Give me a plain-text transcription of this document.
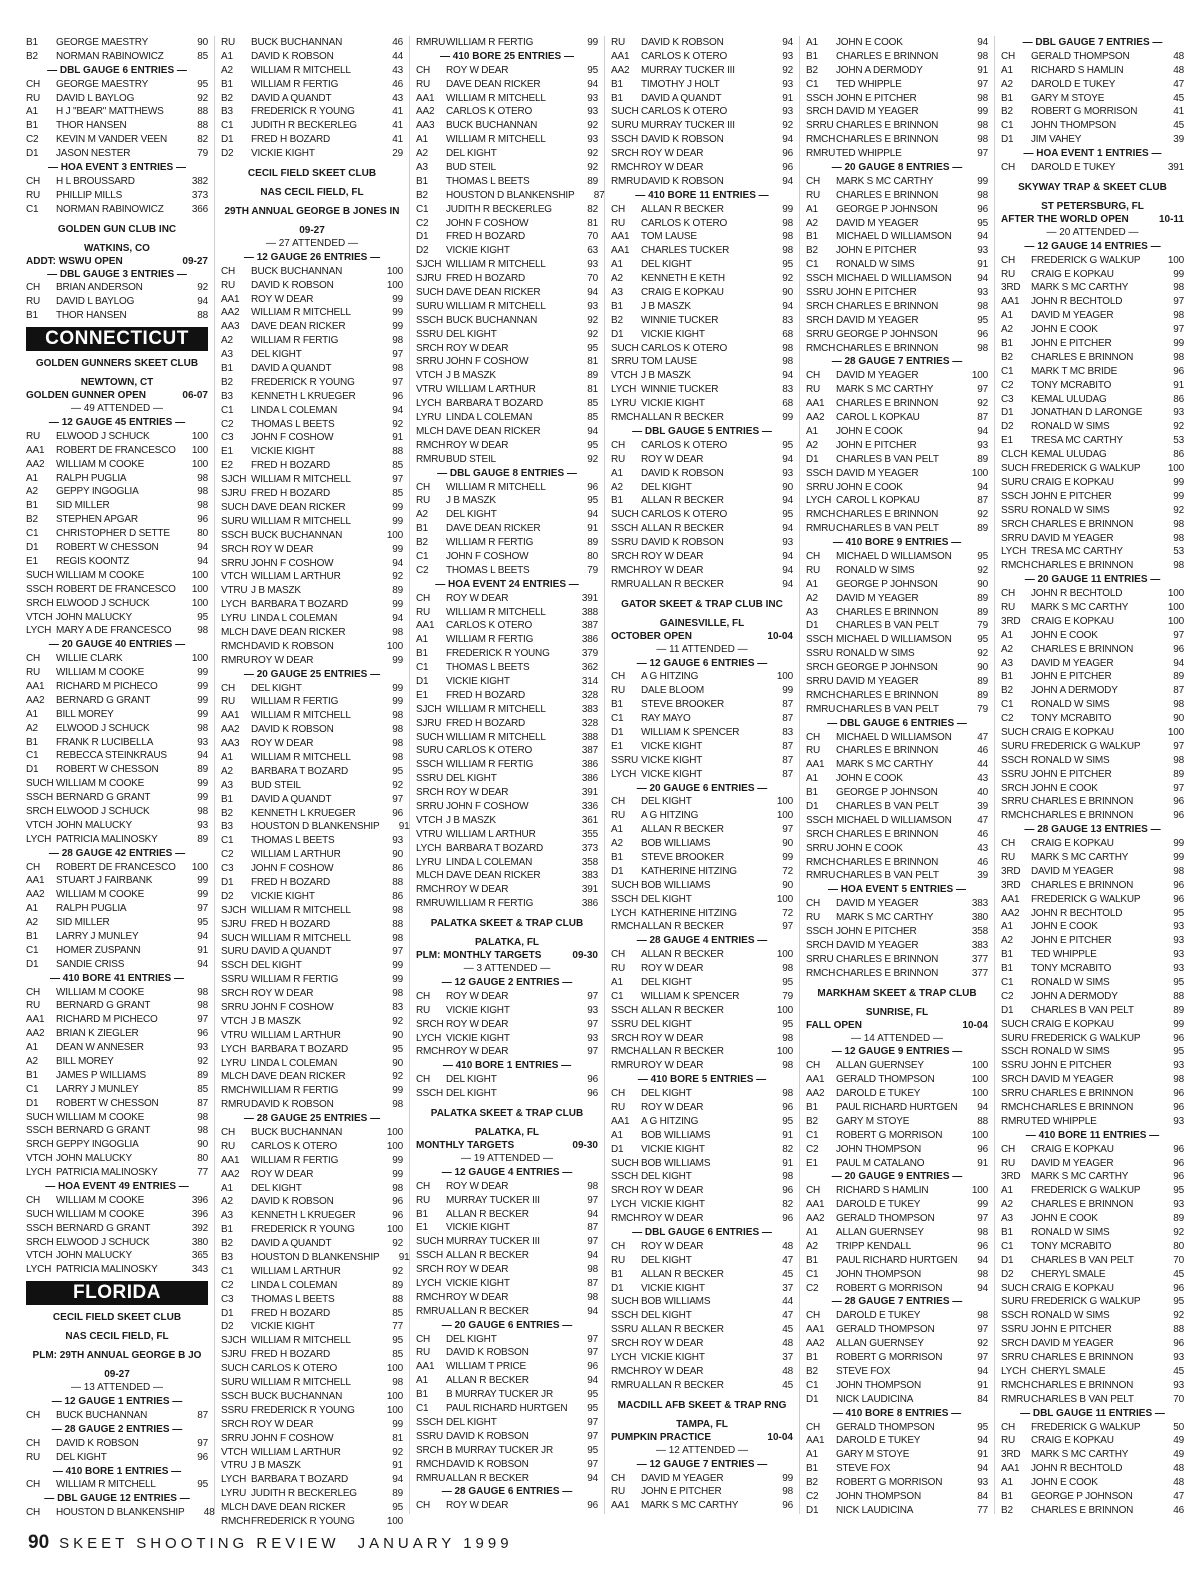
B1	GEORGE MAESTRY	90
B2	NORMAN RABINOWICZ	85
— DBL GAUGE 6 ENTRIES —
CH	GEORGE MAESTRY	95
RU	DAVID L BAYLOG	92
A1	H J "BEAR" MATTHEWS	88
B1	THOR HANSEN	88
C2	KEVIN M VANDER VEEN	82
D1	JASON NESTER	79
— HOA EVENT 3 ENTRIES —
CH	H L BROUSSARD	382
RU	PHILLIP MILLS	373
C1	NORMAN RABINOWICZ	366
GOLDEN GUN CLUB INC
WATKINS, CO
ADDT: WSWU OPEN	09-27
— DBL GAUGE 3 ENTRIES —
CH	BRIAN ANDERSON	92
RU	DAVID L BAYLOG	94
B1	THOR HANSEN	88
CONNECTICUT
GOLDEN GUNNERS SKEET CLUB
NEWTOWN, CT
GOLDEN GUNNER OPEN	06-07
— 49 ATTENDED —
— 12 GAUGE 45 ENTRIES —
RU	ELWOOD J SCHUCK	100
AA1	ROBERT DE FRANCESCO	100
AA2	WILLIAM M COOKE	100
A1	RALPH PUGLIA	98
A2	GEPPY INGOGLIA	98
B1	SID MILLER	98
B2	STEPHEN APGAR	96
C1	CHRISTOPHER D SETTE	80
D1	ROBERT W CHESSON	94
E1	REGIS KOONTZ	94
SUCH WILLIAM M COOKE	100
SSCH ROBERT DE FRANCESCO	100
SRCH ELWOOD J SCHUCK	100
VTCH JOHN MALUCKY	95
LYCH MARY A DE FRANCESCO	98
— 20 GAUGE 40 ENTRIES —
CH	WILLIE CLARK	100
RU	WILLIAM M COOKE	99
AA1	RICHARD M PICHECO	99
AA2	BERNARD G GRANT	99
A1	BILL MOREY	99
A2	ELWOOD J SCHUCK	98
B1	FRANK R LUCIBELLA	93
C1	REBECCA STEINKRAUS	94
D1	ROBERT W CHESSON	89
SUCH WILLIAM M COOKE	99
SSCH BERNARD G GRANT	99
SRCH ELWOOD J SCHUCK	98
VTCH JOHN MALUCKY	93
LYCH PATRICIA MALINOSKY	89
— 28 GAUGE 42 ENTRIES —
CH	ROBERT DE FRANCESCO	100
AA1	STUART J FAIRBANK	99
AA2	WILLIAM M COOKE	99
A1	RALPH PUGLIA	97
A2	SID MILLER	95
B1	LARRY J MUNLEY	94
C1	HOMER ZUSPANN	91
D1	SANDIE CRISS	94
— 410 BORE 41 ENTRIES —
CH	WILLIAM M COOKE	98
RU	BERNARD G GRANT	98
AA1	RICHARD M PICHECO	97
AA2	BRIAN K ZIEGLER	96
A1	DEAN W ANNESER	93
A2	BILL MOREY	92
B1	JAMES P WILLIAMS	89
C1	LARRY J MUNLEY	85
D1	ROBERT W CHESSON	87
SUCH WILLIAM M COOKE	98
SSCH BERNARD G GRANT	98
SRCH GEPPY INGOGLIA	90
VTCH JOHN MALUCKY	80
LYCH PATRICIA MALINOSKY	77
— HOA EVENT 49 ENTRIES —
CH	WILLIAM M COOKE	396
SUCH WILLIAM M COOKE	396
SSCH BERNARD G GRANT	392
SRCH ELWOOD J SCHUCK	380
VTCH JOHN MALUCKY	365
LYCH PATRICIA MALINOSKY	343
FLORIDA
CECIL FIELD SKEET CLUB
NAS CECIL FIELD, FL
PLM: 29TH ANNUAL GEORGE B JO
09-27
— 13 ATTENDED —
— 12 GAUGE 1 ENTRIES —
CH	BUCK BUCHANNAN	87
— 28 GAUGE 2 ENTRIES —
CH	DAVID K ROBSON	97
RU	DEL KIGHT	96
— 410 BORE 1 ENTRIES —
CH	WILLIAM R MITCHELL	95
— DBL GAUGE 12 ENTRIES —
CH	HOUSTON D BLANKENSHIP	48
RU	BUCK BUCHANNAN	46
A1	DAVID K ROBSON	44
A2	WILLIAM R MITCHELL	43
B1	WILLIAM R FERTIG	46
B2	DAVID A QUANDT	43
B3	FREDERICK R YOUNG	41
C1	JUDITH R BECKERLEG	41
D1	FRED H BOZARD	41
D2	VICKIE KIGHT	29
CECIL FIELD SKEET CLUB
NAS CECIL FIELD, FL
29TH ANNUAL GEORGE B JONES IN
09-27
— 27 ATTENDED —
— 12 GAUGE 26 ENTRIES —
CH	BUCK BUCHANNAN	100
RU	DAVID K ROBSON	100
AA1	ROY W DEAR	99
AA2	WILLIAM R MITCHELL	99
AA3	DAVE DEAN RICKER	99
A2	WILLIAM R FERTIG	98
A3	DEL KIGHT	97
B1	DAVID A QUANDT	98
B2	FREDERICK R YOUNG	97
B3	KENNETH L KRUEGER	96
C1	LINDA L COLEMAN	94
C2	THOMAS L BEETS	92
C3	JOHN F COSHOW	91
E1	VICKIE KIGHT	88
E2	FRED H BOZARD	85
SJCH WILLIAM R MITCHELL	97
SJRU FRED H BOZARD	85
SUCH DAVE DEAN RICKER	99
SURU WILLIAM R MITCHELL	99
SSCH BUCK BUCHANNAN	100
SRCH ROY W DEAR	99
SRRU JOHN F COSHOW	94
VTCH WILLIAM L ARTHUR	92
VTRU J B MASZK	89
LYCH BARBARA T BOZARD	99
LYRU LINDA L COLEMAN	94
MLCH DAVE DEAN RICKER	98
RMCH DAVID K ROBSON	100
RMRU ROY W DEAR	99
— 20 GAUGE 25 ENTRIES —
CH	DEL KIGHT	99
RU	WILLIAM R FERTIG	99
AA1	WILLIAM R MITCHELL	98
AA2	DAVID K ROBSON	98
AA3	ROY W DEAR	98
A1	WILLIAM R MITCHELL	98
A2	BARBARA T BOZARD	95
A3	BUD STEIL	92
B1	DAVID A QUANDT	97
B2	KENNETH L KRUEGER	96
B3	HOUSTON D BLANKENSHIP	91
C1	THOMAS L BEETS	93
C2	WILLIAM L ARTHUR	90
C3	JOHN F COSHOW	86
D1	FRED H BOZARD	88
D2	VICKIE KIGHT	86
SJCH WILLIAM R MITCHELL	98
SJRU FRED H BOZARD	88
SUCH WILLIAM R MITCHELL	98
SURU DAVID A QUANDT	97
SSCH DEL KIGHT	99
SSRU WILLIAM R FERTIG	99
SRCH ROY W DEAR	98
SRRU JOHN F COSHOW	83
VTCH J B MASZK	92
VTRU WILLIAM L ARTHUR	90
LYCH BARBARA T BOZARD	95
LYRU LINDA L COLEMAN	90
MLCH DAVE DEAN RICKER	92
RMCH WILLIAM R FERTIG	99
RMRU DAVID K ROBSON	98
— 28 GAUGE 25 ENTRIES —
CH	BUCK BUCHANNAN	100
RU	CARLOS K OTERO	100
AA1	WILLIAM R FERTIG	99
AA2	ROY W DEAR	99
A1	DEL KIGHT	98
A2	DAVID K ROBSON	96
A3	KENNETH L KRUEGER	96
B1	FREDERICK R YOUNG	100
B2	DAVID A QUANDT	92
B3	HOUSTON D BLANKENSHIP	91
C1	WILLIAM L ARTHUR	92
C2	LINDA L COLEMAN	89
C3	THOMAS L BEETS	88
D1	FRED H BOZARD	85
D2	VICKIE KIGHT	77
SJCH WILLIAM R MITCHELL	95
SJRU FRED H BOZARD	85
SUCH CARLOS K OTERO	100
SURU WILLIAM R MITCHELL	98
SSCH BUCK BUCHANNAN	100
SSRU FREDERICK R YOUNG	100
SRCH ROY W DEAR	99
SRRU JOHN F COSHOW	81
VTCH WILLIAM L ARTHUR	92
VTRU J B MASZK	91
LYCH BARBARA T BOZARD	94
LYRU JUDITH R BECKERLEG	89
MLCH DAVE DEAN RICKER	95
RMCH FREDERICK R YOUNG	100
RMRU WILLIAM R FERTIG	99
— 410 BORE 25 ENTRIES —
CH	ROY W DEAR	95
RU	DAVE DEAN RICKER	94
AA1	WILLIAM R MITCHELL	93
AA2	CARLOS K OTERO	93
AA3	BUCK BUCHANNAN	92
A1	WILLIAM R MITCHELL	93
A2	DEL KIGHT	92
A3	BUD STEIL	92
B1	THOMAS L BEETS	89
B2	HOUSTON D BLANKENSHIP	87
C1	JUDITH R BECKERLEG	82
C2	JOHN F COSHOW	81
D1	FRED H BOZARD	70
D2	VICKIE KIGHT	63
SJCH WILLIAM R MITCHELL	93
SJRU FRED H BOZARD	70
SUCH DAVE DEAN RICKER	94
SURU WILLIAM R MITCHELL	93
SSCH BUCK BUCHANNAN	92
SSRU DEL KIGHT	92
SRCH ROY W DEAR	95
SRRU JOHN F COSHOW	81
VTCH J B MASZK	89
VTRU WILLIAM L ARTHUR	81
LYCH BARBARA T BOZARD	85
LYRU LINDA L COLEMAN	85
MLCH DAVE DEAN RICKER	94
RMCH ROY W DEAR	95
RMRU BUD STEIL	92
— DBL GAUGE 8 ENTRIES —
CH	WILLIAM R MITCHELL	96
RU	J B MASZK	95
A2	DEL KIGHT	94
B1	DAVE DEAN RICKER	91
B2	WILLIAM R FERTIG	89
C1	JOHN F COSHOW	80
C2	THOMAS L BEETS	79
— HOA EVENT 24 ENTRIES —
CH	ROY W DEAR	391
RU	WILLIAM R MITCHELL	388
AA1	CARLOS K OTERO	387
A1	WILLIAM R FERTIG	386
B1	FREDERICK R YOUNG	379
C1	THOMAS L BEETS	362
D1	VICKIE KIGHT	314
E1	FRED H BOZARD	328
SJCH WILLIAM R MITCHELL	383
SJRU FRED H BOZARD	328
SUCH WILLIAM R MITCHELL	388
SURU CARLOS K OTERO	387
SSCH WILLIAM R FERTIG	386
SSRU DEL KIGHT	386
SRCH ROY W DEAR	391
SRRU JOHN F COSHOW	336
VTCH J B MASZK	361
VTRU WILLIAM L ARTHUR	355
LYCH BARBARA T BOZARD	373
LYRU LINDA L COLEMAN	358
MLCH DAVE DEAN RICKER	383
RMCH ROY W DEAR	391
RMRU WILLIAM R FERTIG	386
PALATKA SKEET & TRAP CLUB
PALATKA, FL
PLM: MONTHLY TARGETS	09-30
— 3 ATTENDED —
— 12 GAUGE 2 ENTRIES —
CH	ROY W DEAR	97
RU	VICKIE KIGHT	93
SRCH ROY W DEAR	97
LYCH VICKIE KIGHT	93
RMCH ROY W DEAR	97
— 410 BORE 1 ENTRIES —
CH	DEL KIGHT	96
SSCH DEL KIGHT	96
PALATKA SKEET & TRAP CLUB
PALATKA, FL
MONTHLY TARGETS	09-30
— 19 ATTENDED —
— 12 GAUGE 4 ENTRIES —
CH	ROY W DEAR	98
RU	MURRAY TUCKER III	97
B1	ALLAN R BECKER	94
E1	VICKIE KIGHT	87
SUCH MURRAY TUCKER III	97
SSCH ALLAN R BECKER	94
SRCH ROY W DEAR	98
LYCH VICKIE KIGHT	87
RMCH ROY W DEAR	98
RMRU ALLAN R BECKER	94
— 20 GAUGE 6 ENTRIES —
CH	DEL KIGHT	97
RU	DAVID K ROBSON	97
AA1	WILLIAM T PRICE	96
A1	ALLAN R BECKER	94
B1	B MURRAY TUCKER JR	95
C1	PAUL RICHARD HURTGEN	95
SSCH DEL KIGHT	97
SSRU DAVID K ROBSON	97
SRCH B MURRAY TUCKER JR	95
RMCH DAVID K ROBSON	97
RMRU ALLAN R BECKER	94
— 28 GAUGE 6 ENTRIES —
CH	ROY W DEAR	96
RU	DAVID K ROBSON	94
AA1	CARLOS K OTERO	93
AA2	MURRAY TUCKER III	92
B1	TIMOTHY J HOLT	93
B1	DAVID A QUANDT	91
SUCH CARLOS K OTERO	93
SURU MURRAY TUCKER III	92
SSCH DAVID K ROBSON	94
SRCH ROY W DEAR	96
RMCH ROY W DEAR	96
RMRU DAVID K ROBSON	94
— 410 BORE 11 ENTRIES —
CH	ALLAN R BECKER	99
RU	CARLOS K OTERO	98
AA1	TOM LAUSE	98
AA1	CHARLES TUCKER	98
A1	DEL KIGHT	95
A2	KENNETH E KETH	92
A3	CRAIG E KOPKAU	90
B1	J B MASZK	94
B2	WINNIE TUCKER	83
D1	VICKIE KIGHT	68
SUCH CARLOS K OTERO	98
SRRU TOM LAUSE	98
VTCH J B MASZK	94
LYCH WINNIE TUCKER	83
LYRU VICKIE KIGHT	68
RMCH ALLAN R BECKER	99
— DBL GAUGE 5 ENTRIES —
CH	CARLOS K OTERO	95
RU	ROY W DEAR	94
A1	DAVID K ROBSON	93
A2	DEL KIGHT	90
B1	ALLAN R BECKER	94
SUCH CARLOS K OTERO	95
SSCH ALLAN R BECKER	94
SSRU DAVID K ROBSON	93
SRCH ROY W DEAR	94
RMCH ROY W DEAR	94
RMRU ALLAN R BECKER	94
GATOR SKEET & TRAP CLUB INC
GAINESVILLE, FL
OCTOBER OPEN	10-04
— 11 ATTENDED —
— 12 GAUGE 6 ENTRIES —
CH	A G HITZING	100
RU	DALE BLOOM	99
B1	STEVE BROOKER	87
C1	RAY MAYO	87
D1	WILLIAM K SPENCER	83
E1	VICKE KIGHT	87
SSRU VICKE KIGHT	87
LYCH VICKE KIGHT	87
— 20 GAUGE 6 ENTRIES —
CH	DEL KIGHT	100
RU	A G HITZING	100
A1	ALLAN R BECKER	97
A2	BOB WILLIAMS	90
B1	STEVE BROOKER	99
D1	KATHERINE HITZING	72
SUCH BOB WILLIAMS	90
SSCH DEL KIGHT	100
LYCH KATHERINE HITZING	72
RMCH ALLAN R BECKER	97
— 28 GAUGE 4 ENTRIES —
CH	ALLAN R BECKER	100
RU	ROY W DEAR	98
A1	DEL KIGHT	95
C1	WILLIAM K SPENCER	79
SSCH ALLAN R BECKER	100
SSRU DEL KIGHT	95
SRCH ROY W DEAR	98
RMCH ALLAN R BECKER	100
RMRU ROY W DEAR	98
— 410 BORE 5 ENTRIES —
CH	DEL KIGHT	98
RU	ROY W DEAR	96
AA1	A G HITZING	95
A1	BOB WILLIAMS	91
D1	VICKIE KIGHT	82
SUCH BOB WILLIAMS	91
SSCH DEL KIGHT	98
SRCH ROY W DEAR	96
LYCH VICKIE KIGHT	82
RMCH ROY W DEAR	96
— DBL GAUGE 6 ENTRIES —
CH	ROY W DEAR	48
RU	DEL KIGHT	47
B1	ALLAN R BECKER	45
D1	VICKIE KIGHT	37
SUCH BOB WILLIAMS	44
SSCH DEL KIGHT	47
SSRU ALLAN R BECKER	45
SRCH ROY W DEAR	48
LYCH VICKIE KIGHT	37
RMCH ROY W DEAR	48
RMRU ALLAN R BECKER	45
MACDILL AFB SKEET & TRAP RNG
TAMPA, FL
PUMPKIN PRACTICE	10-04
— 12 ATTENDED —
— 12 GAUGE 7 ENTRIES —
CH	DAVID M YEAGER	99
RU	JOHN E PITCHER	98
AA1	MARK S MC CARTHY	96
A1	JOHN E COOK	94
B1	CHARLES E BRINNON	98
B2	JOHN A DERMODY	91
C1	TED WHIPPLE	97
SSCH JOHN E PITCHER	98
SRCH DAVID M YEAGER	99
SRRU CHARLES E BRINNON	98
RMCH CHARLES E BRINNON	98
RMRU TED WHIPPLE	97
— 20 GAUGE 8 ENTRIES —
CH	MARK S MC CARTHY	99
RU	CHARLES E BRINNON	98
A1	GEORGE P JOHNSON	96
A2	DAVID M YEAGER	95
B1	MICHAEL D WILLIAMSON	94
B2	JOHN E PITCHER	93
C1	RONALD W SIMS	91
SSCH MICHAEL D WILLIAMSON	94
SSRU JOHN E PITCHER	93
SRCH CHARLES E BRINNON	98
SRCH DAVID M YEAGER	95
SRRU GEORGE P JOHNSON	96
RMCH CHARLES E BRINNON	98
— 28 GAUGE 7 ENTRIES —
CH	DAVID M YEAGER	100
RU	MARK S MC CARTHY	97
AA1	CHARLES E BRINNON	92
AA2	CAROL L KOPKAU	87
A1	JOHN E COOK	94
A2	JOHN E PITCHER	93
D1	CHARLES B VAN PELT	89
SSCH DAVID M YEAGER	100
SRRU JOHN E COOK	94
LYCH CAROL L KOPKAU	87
RMCH CHARLES E BRINNON	92
RMRU CHARLES B VAN PELT	89
— 410 BORE 9 ENTRIES —
CH	MICHAEL D WILLIAMSON	95
RU	RONALD W SIMS	92
A1	GEORGE P JOHNSON	90
A2	DAVID M YEAGER	89
A3	CHARLES E BRINNON	89
D1	CHARLES B VAN PELT	79
SSCH MICHAEL D WILLIAMSON	95
SSRU RONALD W SIMS	92
SRCH GEORGE P JOHNSON	90
SRRU DAVID M YEAGER	89
RMCH CHARLES E BRINNON	89
RMRU CHARLES B VAN PELT	79
— DBL GAUGE 6 ENTRIES —
CH	MICHAEL D WILLIAMSON	47
RU	CHARLES E BRINNON	46
AA1	MARK S MC CARTHY	44
A1	JOHN E COOK	43
B1	GEORGE P JOHNSON	40
D1	CHARLES B VAN PELT	39
SSCH MICHAEL D WILLIAMSON	47
SRCH CHARLES E BRINNON	46
SRRU JOHN E COOK	43
RMCH CHARLES E BRINNON	46
RMRU CHARLES B VAN PELT	39
— HOA EVENT 5 ENTRIES —
CH	DAVID M YEAGER	383
RU	MARK S MC CARTHY	380
SSCH JOHN E PITCHER	358
SRCH DAVID M YEAGER	383
SRRU CHARLES E BRINNON	377
RMCH CHARLES E BRINNON	377
MARKHAM SKEET & TRAP CLUB
SUNRISE, FL
FALL OPEN	10-04
— 14 ATTENDED —
— 12 GAUGE 9 ENTRIES —
CH	ALLAN GUERNSEY	100
AA1	GERALD THOMPSON	100
AA2	DAROLD E TUKEY	100
B1	PAUL RICHARD HURTGEN	94
B2	GARY M STOYE	88
C1	ROBERT G MORRISON	100
C2	JOHN THOMPSON	96
E1	PAUL M CATALANO	91
— 20 GAUGE 9 ENTRIES —
CH	RICHARD S HAMLIN	100
AA1	DAROLD E TUKEY	99
AA2	GERALD THOMPSON	97
A1	ALLAN GUERNSEY	98
A2	TRIPP KENDALL	96
B1	PAUL RICHARD HURTGEN	94
C1	JOHN THOMPSON	98
C2	ROBERT G MORRISON	94
— 28 GAUGE 7 ENTRIES —
CH	DAROLD E TUKEY	98
AA1	GERALD THOMPSON	97
AA2	ALLAN GUERNSEY	92
B1	ROBERT G MORRISON	97
B2	STEVE FOX	94
C1	JOHN THOMPSON	91
D1	NICK LAUDICINA	84
— 410 BORE 8 ENTRIES —
CH	GERALD THOMPSON	95
AA1	DAROLD E TUKEY	94
A1	GARY M STOYE	91
B1	STEVE FOX	94
B2	ROBERT G MORRISON	93
C2	JOHN THOMPSON	84
D1	NICK LAUDICINA	77
— DBL GAUGE 7 ENTRIES —
CH	GERALD THOMPSON	48
A1	RICHARD S HAMLIN	48
A2	DAROLD E TUKEY	47
B1	GARY M STOYE	45
B2	ROBERT G MORRISON	41
C1	JOHN THOMPSON	45
D1	JIM VAHEY	39
— HOA EVENT 1 ENTRIES —
CH	DAROLD E TUKEY	391
SKYWAY TRAP & SKEET CLUB
ST PETERSBURG, FL
AFTER THE WORLD OPEN	10-11
— 20 ATTENDED —
— 12 GAUGE 14 ENTRIES —
CH	FREDERICK G WALKUP	100
RU	CRAIG E KOPKAU	99
3RD	MARK S MC CARTHY	98
AA1	JOHN R BECHTOLD	97
A1	DAVID M YEAGER	98
A2	JOHN E COOK	97
B1	JOHN E PITCHER	99
B2	CHARLES E BRINNON	98
C1	MARK T MC BRIDE	96
C2	TONY MCRABITO	91
C3	KEMAL ULUDAG	86
D1	JONATHAN D LARONGE	93
D2	RONALD W SIMS	92
E1	TRESA MC CARTHY	53
CLCH KEMAL ULUDAG	86
SUCH FREDERICK G WALKUP	100
SURU CRAIG E KOPKAU	99
SSCH JOHN E PITCHER	99
SSRU RONALD W SIMS	92
SRCH CHARLES E BRINNON	98
SRRU DAVID M YEAGER	98
LYCH TRESA MC CARTHY	53
RMCH CHARLES E BRINNON	98
— 20 GAUGE 11 ENTRIES —
CH	JOHN R BECHTOLD	100
RU	MARK S MC CARTHY	100
3RD	CRAIG E KOPKAU	100
A1	JOHN E COOK	97
A2	CHARLES E BRINNON	96
A3	DAVID M YEAGER	94
B1	JOHN E PITCHER	89
B2	JOHN A DERMODY	87
C1	RONALD W SIMS	98
C2	TONY MCRABITO	90
SUCH CRAIG E KOPKAU	100
SURU FREDERICK G WALKUP	97
SSCH RONALD W SIMS	98
SSRU JOHN E PITCHER	89
SRCH JOHN E COOK	97
SRRU CHARLES E BRINNON	96
RMCH CHARLES E BRINNON	96
— 28 GAUGE 13 ENTRIES —
CH	CRAIG E KOPKAU	99
RU	MARK S MC CARTHY	99
3RD	DAVID M YEAGER	98
3RD	CHARLES E BRINNON	96
AA1	FREDERICK G WALKUP	96
AA2	JOHN R BECHTOLD	95
A1	JOHN E COOK	93
A2	JOHN E PITCHER	93
B1	TED WHIPPLE	93
B1	TONY MCRABITO	93
C1	RONALD W SIMS	95
C2	JOHN A DERMODY	88
D1	CHARLES B VAN PELT	89
SUCH CRAIG E KOPKAU	99
SURU FREDERICK G WALKUP	96
SSCH RONALD W SIMS	95
SSRU JOHN E PITCHER	93
SRCH DAVID M YEAGER	98
SRRU CHARLES E BRINNON	96
RMCH CHARLES E BRINNON	96
RMRU TED WHIPPLE	93
— 410 BORE 11 ENTRIES —
CH	CRAIG E KOPKAU	96
RU	DAVID M YEAGER	96
3RD	MARK S MC CARTHY	96
A1	FREDERICK G WALKUP	95
A2	CHARLES E BRINNON	93
A3	JOHN E COOK	89
B1	RONALD W SIMS	92
C1	TONY MCRABITO	80
D1	CHARLES B VAN PELT	70
D2	CHERYL SMALE	45
SUCH CRAIG E KOPKAU	96
SURU FREDERICK G WALKUP	95
SSCH RONALD W SIMS	92
SSRU JOHN E PITCHER	88
SRCH DAVID M YEAGER	96
SRRU CHARLES E BRINNON	93
LYCH CHERYL SMALE	45
RMCH CHARLES E BRINNON	93
RMRU CHARLES B VAN PELT	70
— DBL GAUGE 11 ENTRIES —
CH	FREDERICK G WALKUP	50
RU	CRAIG E KOPKAU	49
3RD	MARK S MC CARTHY	49
AA1	JOHN R BECHTOLD	48
A1	JOHN E COOK	48
B1	GEORGE P JOHNSON	47
B2	CHARLES E BRINNON	46
90 SKEET SHOOTING REVIEW JANUARY 1999
